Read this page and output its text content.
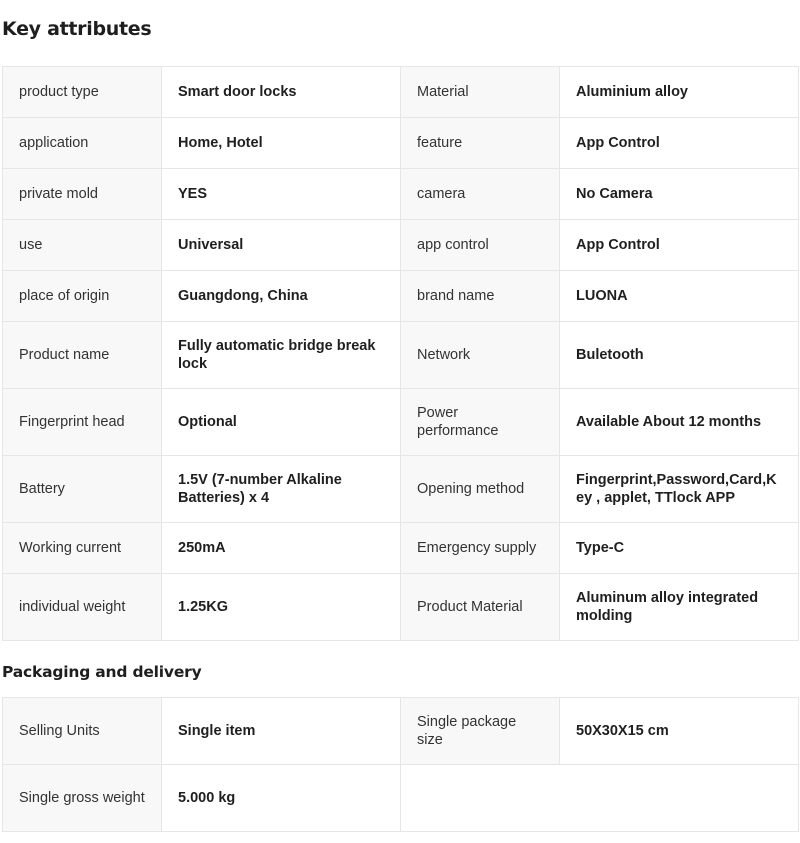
Key attributes
product type	Smart door locks	Material	Aluminium alloy
application	Home, Hotel	feature	App Control
private mold	YES	camera	No Camera
use	Universal	app control	App Control
place of origin	Guangdong, China	brand name	LUONA
Product name	Fully automatic bridge break lock	Network	Buletooth
Fingerprint head	Optional	Power performance	Available About 12 months
Battery	1.5V (7-number Alkaline Batteries) x 4	Opening method	Fingerprint,Password,Card,Key , applet, TTlock APP
Working current	250mA	Emergency supply	Type-C
individual weight	1.25KG	Product Material	Aluminum alloy integrated molding
Packaging and delivery
Selling Units	Single item	Single package size	50X30X15 cm
Single gross weight	5.000 kg		
